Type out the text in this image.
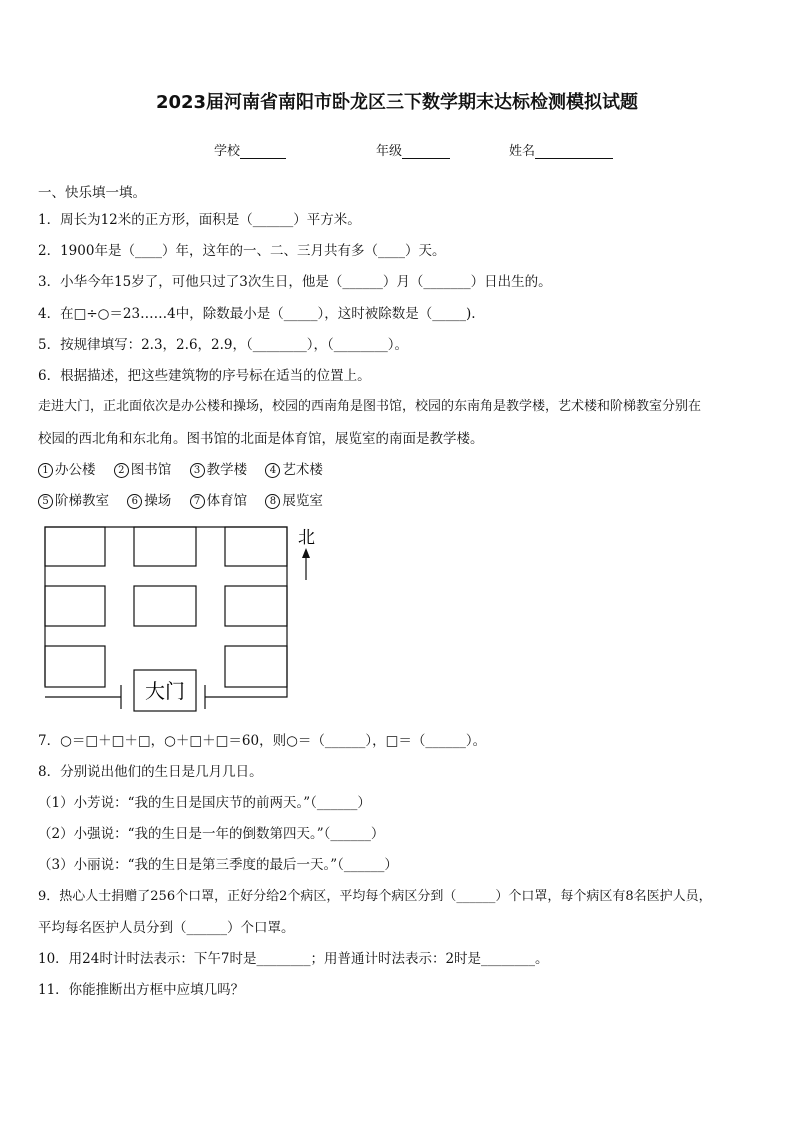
2023届河南省南阳市卧龙区三下数学期末达标检测模拟试题
学校	年级	姓名
一、快乐填一填。
1．周长为12米的正方形，面积是（______）平方米。
2．1900年是（____）年，这年的一、二、三月共有多（____）天。
3．小华今年15岁了，可他只过了3次生日，他是（______）月（_______）日出生的。
4．在□÷○＝23……4中，除数最小是（_____），这时被除数是（_____).
5．按规律填写：2.3，2.6，2.9，（________），（________）。
6．根据描述，把这些建筑物的序号标在适当的位置上。
走进大门，正北面依次是办公楼和操场，校园的西南角是图书馆，校园的东南角是教学楼，艺术楼和阶梯教室分别在
校园的西北角和东北角。图书馆的北面是体育馆，展览室的南面是教学楼。
1 办公楼 2 图书馆 3 教学楼 4 艺术楼
5 阶梯教室 6 操场 7 体育馆 8 展览室
北
大门
7．○＝□＋□＋□，○＋□＋□＝60，则○＝（______），□＝（______）。
8．分别说出他们的生日是几月几日。
（1）小芳说：“我的生日是国庆节的前两天。”（______）
（2）小强说：“我的生日是一年的倒数第四天。”（______）
（3）小丽说：“我的生日是第三季度的最后一天。”（______）
9．热心人士捐赠了256个口罩，正好分给2个病区，平均每个病区分到（______）个口罩，每个病区有8名医护人员，
平均每名医护人员分到（______）个口罩。
10．用24时计时法表示：下午7时是________；用普通计时法表示：2时是________。
11．你能推断出方框中应填几吗？
